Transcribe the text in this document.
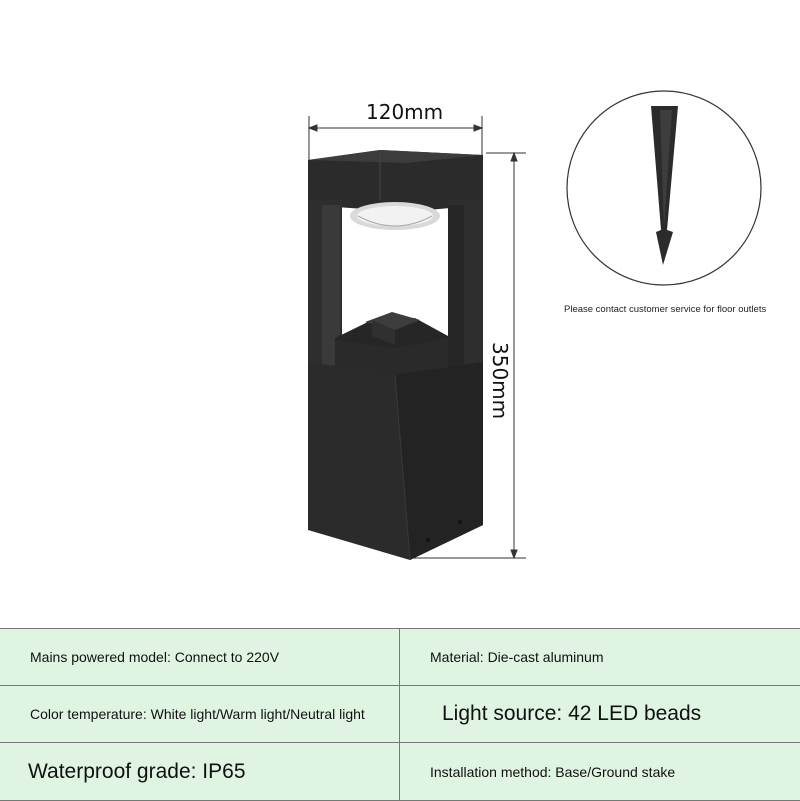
120mm
350mm
Please contact customer service for floor outlets
Mains powered model: Connect to 220V	Material: Die-cast aluminum
Color temperature: White light/Warm light/Neutral light	Light source: 42 LED beads
Waterproof grade: IP65	Installation method: Base/Ground stake
